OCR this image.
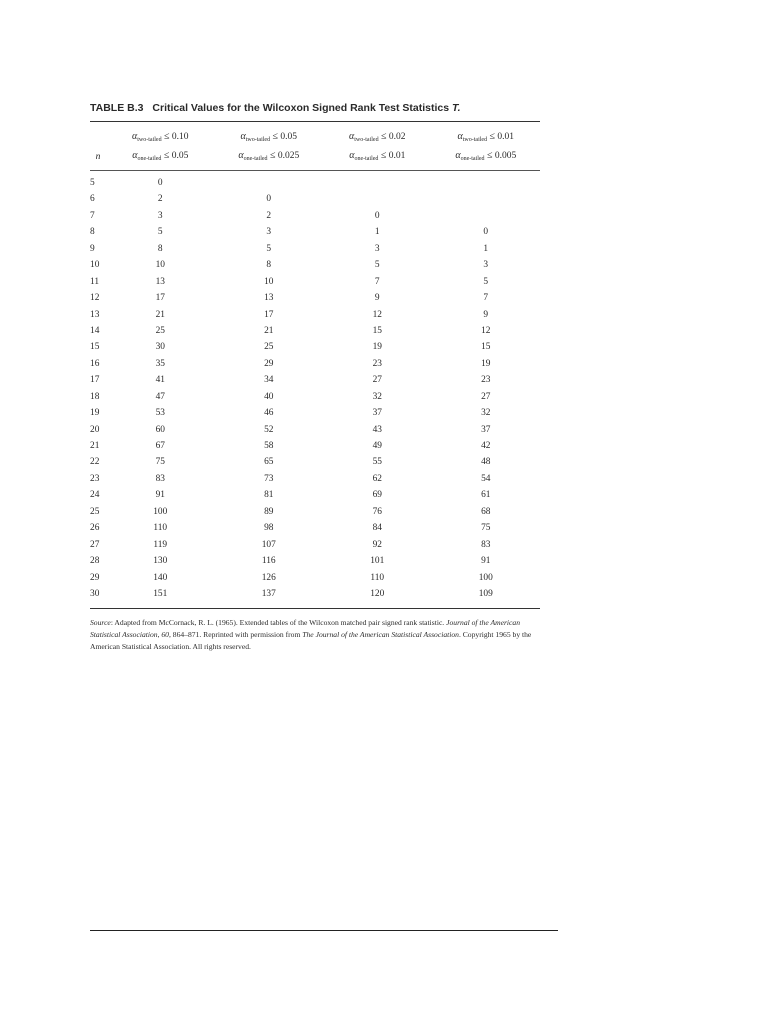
TABLE B.3 Critical Values for the Wilcoxon Signed Rank Test Statistics T.
n	$\alpha_{two-tailed} \le 0.10$	$\alpha_{two-tailed} \le 0.05$	$\alpha_{two-tailed} \le 0.02$	$\alpha_{two-tailed} \le 0.01$
	$\alpha_{one-tailed} \le 0.05$	$\alpha_{one-tailed} \le 0.025$	$\alpha_{one-tailed} \le 0.01$	$\alpha_{one-tailed} \le 0.005$
5	0			
6	2	0		
7	3	2	0	
8	5	3	1	0
9	8	5	3	1
10	10	8	5	3
11	13	10	7	5
12	17	13	9	7
13	21	17	12	9
14	25	21	15	12
15	30	25	19	15
16	35	29	23	19
17	41	34	27	23
18	47	40	32	27
19	53	46	37	32
20	60	52	43	37
21	67	58	49	42
22	75	65	55	48
23	83	73	62	54
24	91	81	69	61
25	100	89	76	68
26	110	98	84	75
27	119	107	92	83
28	130	116	101	91
29	140	126	110	100
30	151	137	120	109
Source: Adapted from McCornack, R. L. (1965). Extended tables of the Wilcoxon matched pair signed rank statistic. Journal of the American Statistical Association, 60, 864–871. Reprinted with permission from The Journal of the American Statistical Association. Copyright 1965 by the American Statistical Association. All rights reserved.
